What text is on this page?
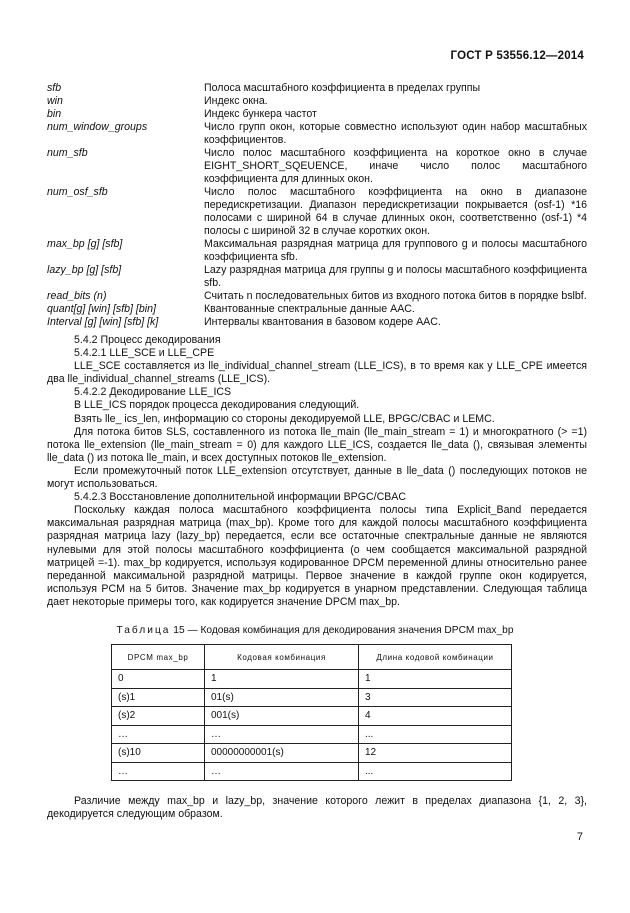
ГОСТ Р 53556.12—2014
sfb	Полоса масштабного коэффициента в пределах группы
win	Индекс окна.
bin	Индекс бункера частот
num_window_groups	Число групп окон, которые совместно используют один набор масштабных коэффициентов.
num_sfb	Число полос масштабного коэффициента на короткое окно в случае EIGHT_SHORT_SQEUENCE, иначе число полос масштабного коэффициента для длинных окон.
num_osf_sfb	Число полос масштабного коэффициента на окно в диапазоне передискретизации. Диапазон передискретизации покрывается (osf-1) *16 полосами с шириной 64 в случае длинных окон, соответственно (osf-1) *4 полосы с шириной 32 в случае коротких окон.
max_bp [g] [sfb]	Максимальная разрядная матрица для группового g и полосы масштабного коэффициента sfb.
lazy_bp [g] [sfb]	Lazy разрядная матрица для группы g и полосы масштабного коэффициента sfb.
read_bits (n)	Считать n последовательных битов из входного потока битов в порядке bslbf.
quant[g] [win] [sfb] [bin]	Квантованные спектральные данные AAC.
Interval [g] [win] [sfb] [k]	Интервалы квантования в базовом кодере AAC.

5.4.2 Процесс декодирования

5.4.2.1 LLE_SCE и LLE_CPE

LLE_SCE составляется из lle_individual_channel_stream (LLE_ICS), в то время как у LLE_CPE имеется два lle_individual_channel_streams (LLE_ICS).

5.4.2.2 Декодирование LLE_ICS

В LLE_ICS порядок процесса декодирования следующий.

Взять lle_ ics_len, информацию со стороны декодируемой LLE, BPGC/CBAC и LEMC.

Для потока битов SLS, составленного из потока lle_main (lle_main_stream = 1) и многократного (> =1) потока lle_extension (lle_main_stream = 0) для каждого LLE_ICS, создается lle_data (), связывая элементы lle_data () из потока lle_main, и всех доступных потоков lle_extension.

Если промежуточный поток LLE_extension отсутствует, данные в lle_data () последующих потоков не могут использоваться.

5.4.2.3 Восстановление дополнительной информации BPGC/CBAC

Поскольку каждая полоса масштабного коэффициента полосы типа Explicit_Band передается максимальная разрядная матрица (max_bp). Кроме того для каждой полосы масштабного коэффициента разрядная матрица lazy (lazy_bp) передается, если все остаточные спектральные данные не являются нулевыми для этой полосы масштабного коэффициента (о чем сообщается максимальной разрядной матрицей =-1). max_bp кодируется, используя кодированное DPCM переменной длины относительно ранее переданной максимальной разрядной матрицы. Первое значение в каждой группе окон кодируется, используя PCM на 5 битов. Значение max_bp кодируется в унарном представлении. Следующая таблица дает некоторые примеры того, как кодируется значение DPCM max_bp.

Таблица 15 — Кодовая комбинация для декодирования значения DPCM max_bp
DPCM max_bp	Кодовая комбинация	Длина кодовой комбинации
0	1	1
(s)1	01(s)	3
(s)2	001(s)	4
…	…	...
(s)10	00000000001(s)	12
…	…	...

Различие между max_bp и lazy_bp, значение которого лежит в пределах диапазона {1, 2, 3}, декодируется следующим образом.

7
